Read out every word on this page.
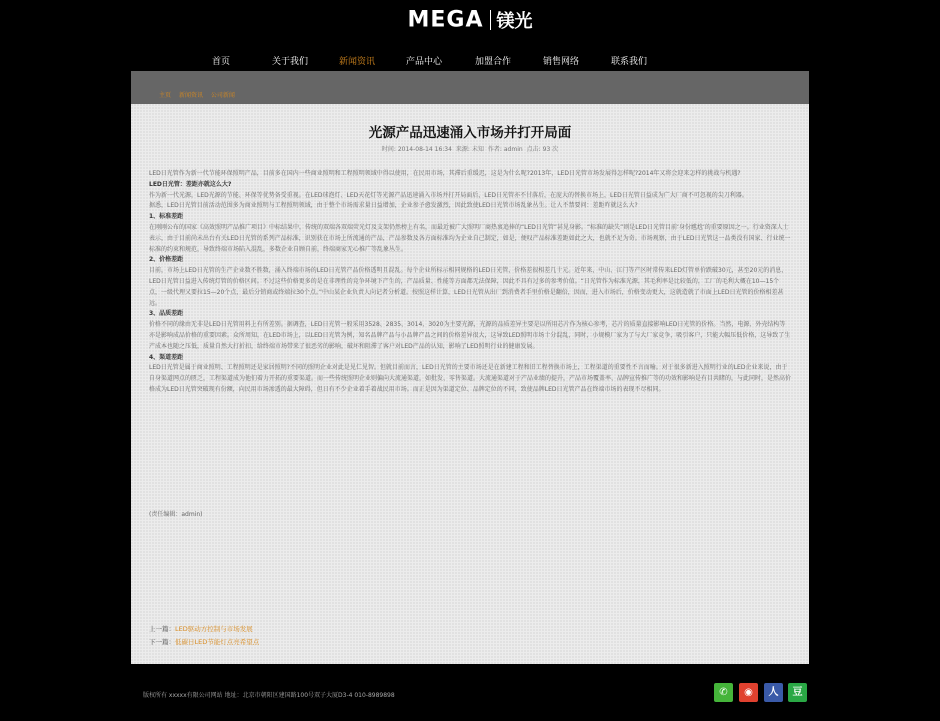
MEGA 镁光
首页	关于我们	新闻资讯	产品中心	加盟合作	销售网络	联系我们
主页 新闻资讯 公司新闻
光源产品迅速涌入市场并打开局面
时间: 2014-08-14 16:34 来源: 未知 作者: admin 点击: 93 次

LED日光管作为新一代节能环保照明产品，目前多在国内一些商业照明和工程照明领域中得以使用，在民用市场，其滞后重缓迟，这是为什么呢?2013年，LED日光管市场发展得怎样呢?2014年又将会迎来怎样的挑战与机遇?

LED日光管：差距亦就这么大?

作为新一代光源，LED光源的节能、环保等优势备受重视。在LED球泡灯、LED天花灯等光源产品迅速涌入市场并打开局面后，LED日光管亦不甘落后，在庞大的替换市场上，LED日光管日益成为广大厂商不可忽视的尖刀利器。

据悉，LED日光管目前活动范围多为商业照明与工程照明领域，由于整个市场需求量日益增加，企业参予愈发激烈，因此致使LED日光管市场乱象丛生。让人不禁要问：差距咋就这么大?

1、标准差距

在刚刚公布的国家《高效照明产品推广项目》中标结果中，传统的双端各双端荧光灯及支架仍然榜上有名，而最近被广大照明厂商热衷追捧的“LED日光管”甚见身影。“标准的缺失”则是LED日光管目前‘身份尴尬’的重要原因之一。行业资深人士表示，由于目前尚未出台有关LED日光管的系列产品标准，识别获在市场上所流通的产品，产品参数及各方面标准均为企业自己制定，如是，便叹产品标准差距如此之大，也就不足为奇。市场观察，由于LED日光管这一品类没有国家、行业统一标准的约束和规范，导致终端市场陷入混乱，多数企业自顾自前，终端商家无心推广等乱象丛生。

2、价格差距

目前，市场上LED日光管的生产企业数不胜数，涌入终端市场的LED日光管产品价格透明且混乱。每个企业所标示相同规格的LED日光管，价格差很相差几十元。近年来，中山、江门等产区时常传来LED灯管单价跌破30元，甚至20元的消息，LED日光管日益进入传统灯管的价格区间。不过这些价格更多的是在非理性的竞争环境下产生的，产品质量、性能等方面都无法保障，因此不具有过多的参考价值。“日光管作为标准光源，其毛利率是比较低的，工厂的毛利大概在10—15个点，一级代理又要拉15—20个点，最后分销商或终端拉30个点。”中山某企业负责人向记者分析道。按照这样计算，LED日光管从出厂到消费者手里价格是翻倍，因而，进入市场后，价格变动更大，这就造就了市面上LED日光管的价格相差甚远。

3、品质差距

价格不同的缘由无非是LED日光管用料上有所差别。据调查，LED日光管一般采用3528、2835、3014、3020为主要光源，光源的品质差异主要是以所用芯片作为核心参考，芯片的质量直接影响LED日光管的价格。当然，电源、外壳结构等亦是影响成品价格的重要因素。众所周知，在LED市场上，以LED日光管为例，知名品牌产品与小品牌产品之间的价格差异很大，这导致LED照明市场十分混乱，同时，小规模厂家为了与大厂家竞争，吸引客户，只能大幅压低价格，这导致了生产成本也随之压低，质量自然大打折扣，给终端市场带来了很恶劣的影响，破坏和阻滞了客户对LED产品的认知，影响了LED照明行业的健康发展。

4、渠道差距

LED日光管是属于商业照明、工程照明还是家居照明?不同的照明企业对此是见仁见智。但就目前而言，LED日光管的主要市场还是在新建工程和旧工程替换市场上，工程渠道的重要性不言而喻。对于很多新进入照明行业的LED企业来说，由于自身渠道网点的匮乏，工程渠道成为他们着力开拓的重要渠道。而一些传统照明企业则偏向大流通渠道，如批发、零售渠道。大流通渠道对于产品业绩的提升，产品市场覆盖率、品牌宣传推广等的功效和影响是有目共睹的，与此同时，是然高价格成为LED日光管突破现有份额，向民用市场渗透的最大障碍，但日有不少企业着手着战民用市场。而正是因为渠道定位、品牌定位的不同，致使品牌LED日光管产品在终端市场的表现不尽相同。

(责任编辑：admin)
上一篇：LED驱动方控制与市场发展
下一篇：低碳日LED节能灯点亮希望点
版权所有 xxxxx有限公司网站 地址：北京市朝阳区建国路100号双子大厦D3-4 010-8989898	✆	◉	人	豆
